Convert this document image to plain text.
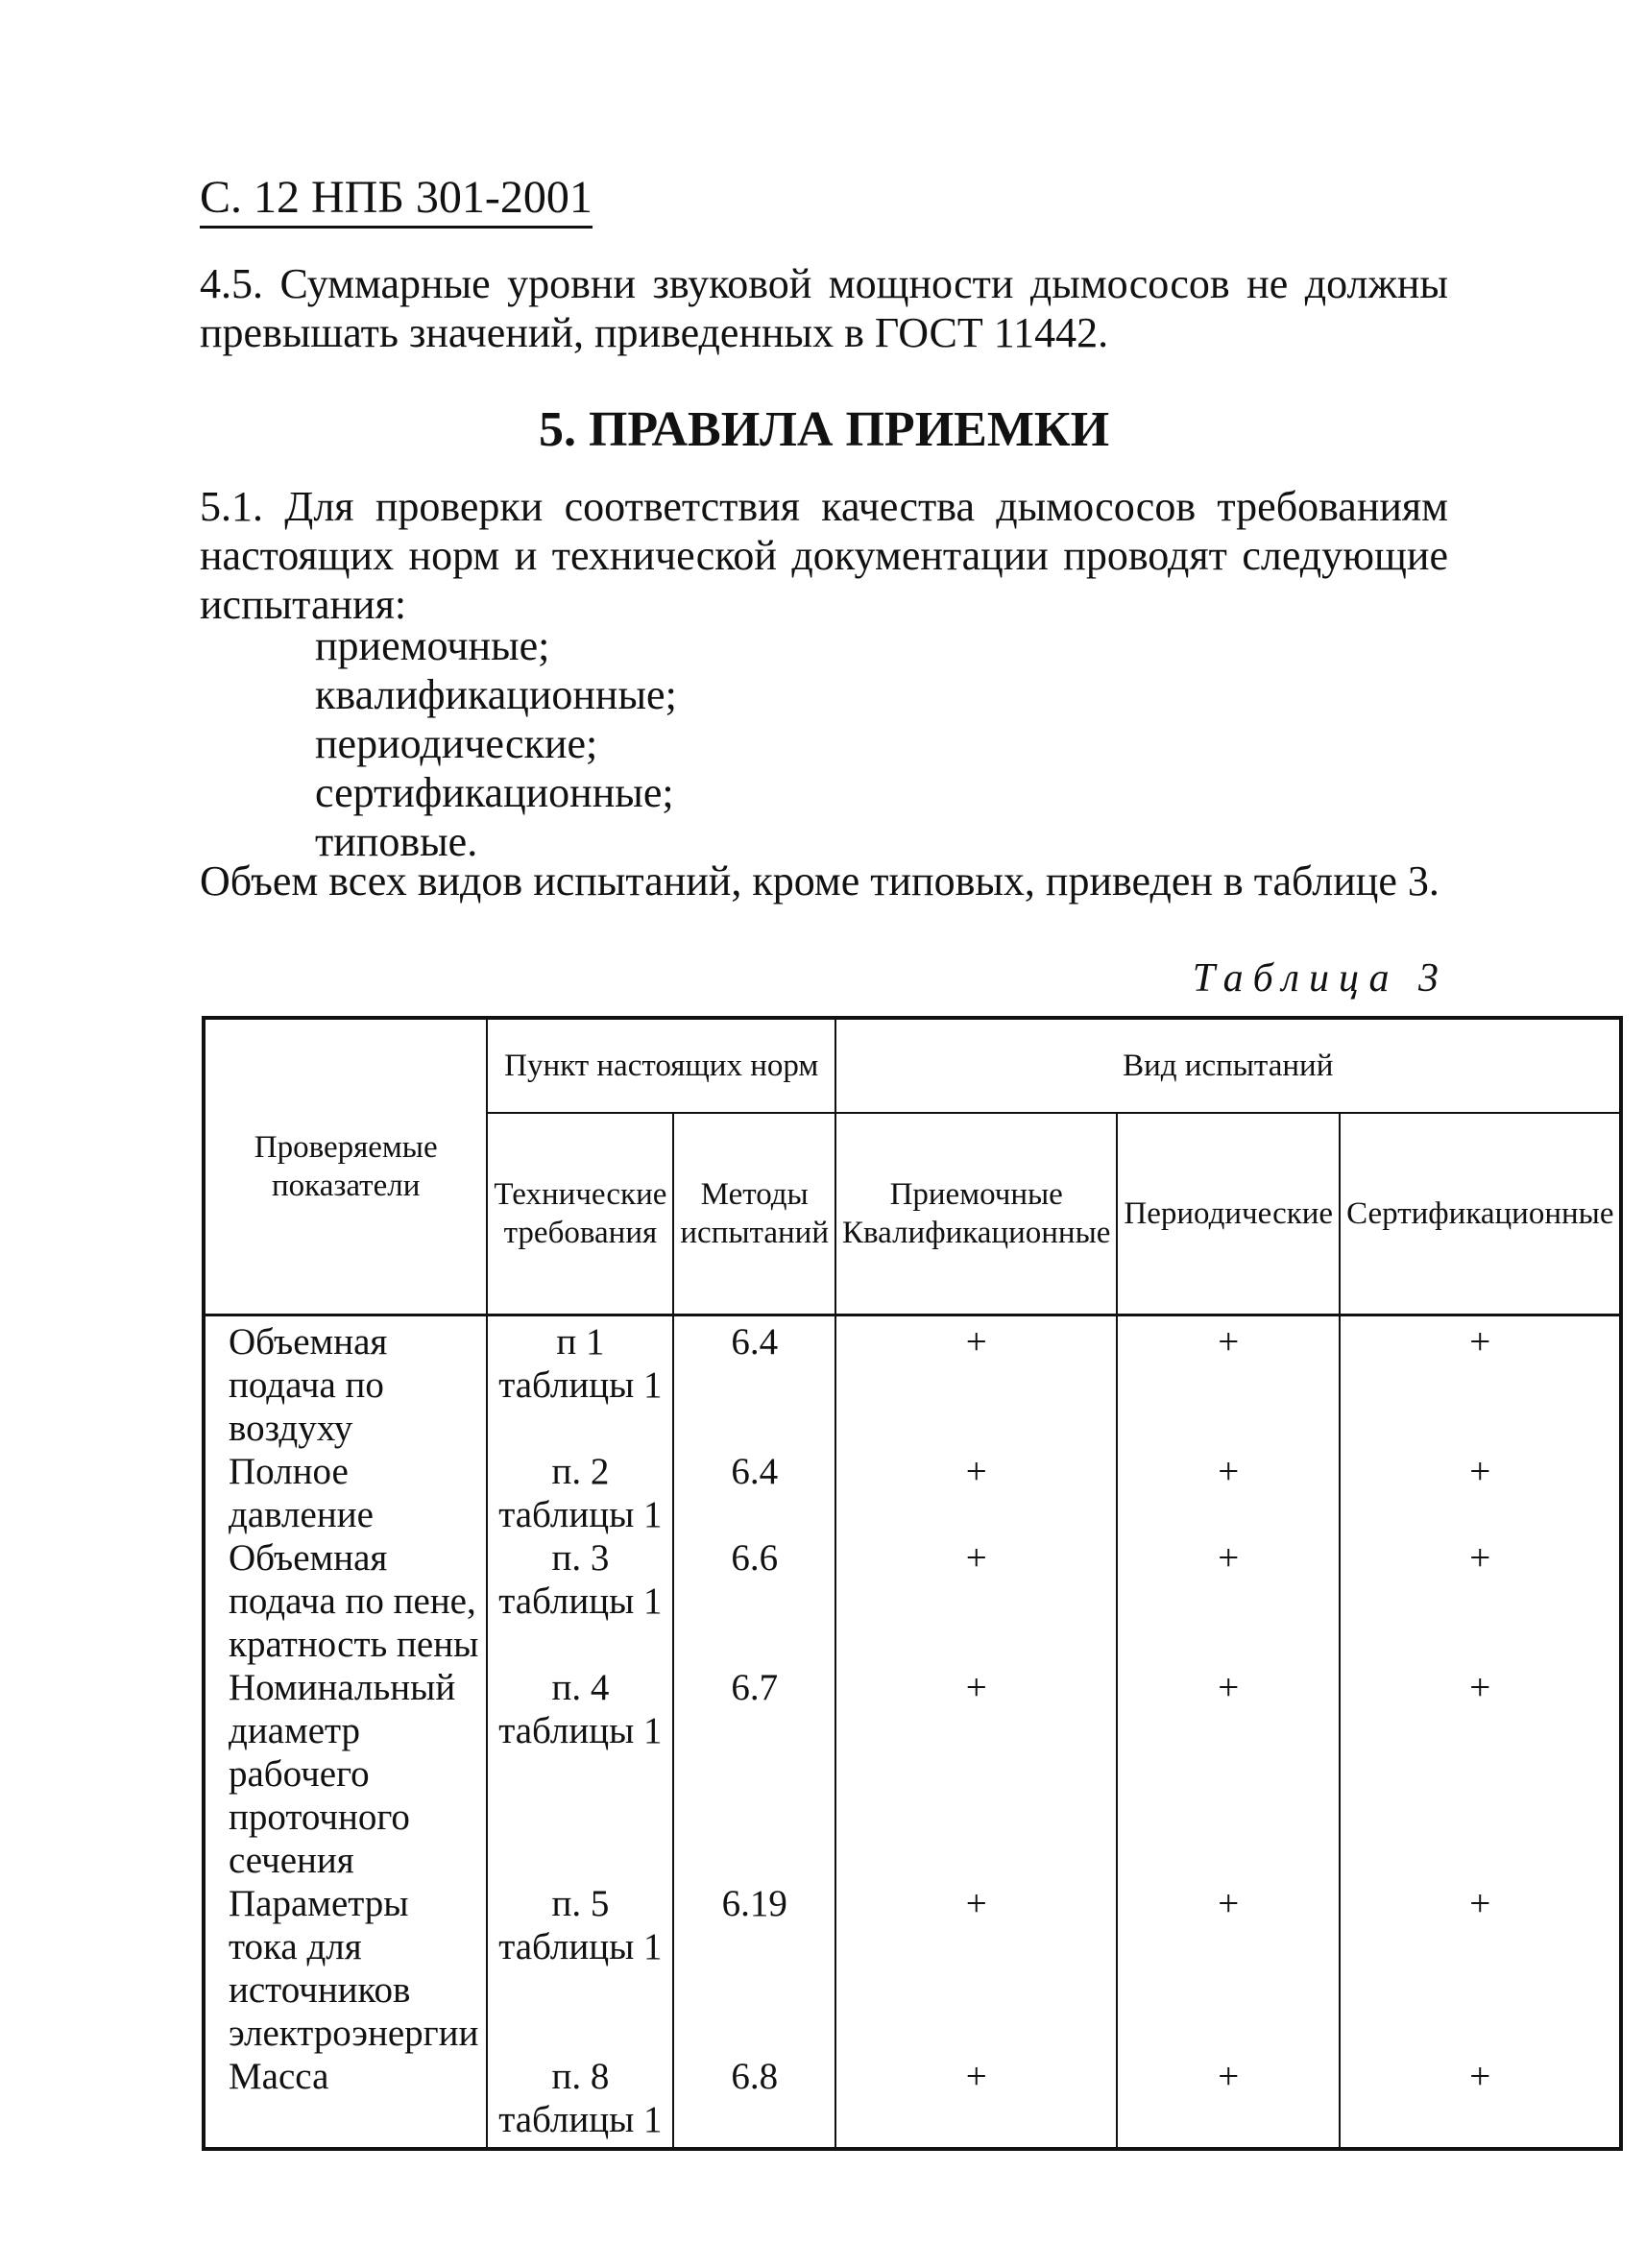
С. 12 НПБ 301-2001
4.5. Суммарные уровни звуковой мощности дымососов не должны превышать значений, приведенных в ГОСТ 11442.
5. ПРАВИЛА ПРИЕМКИ
5.1. Для проверки соответствия качества дымососов требованиям настоящих норм и технической документации проводят следующие испытания:
приемочные;
квалификационные;
периодические;
сертификационные;
типовые.
Объем всех видов испытаний, кроме типовых, приведен в таблице 3.
Таблица 3
Проверяемые показатели	Пункт настоящих норм		Вид испытаний		
	Технические требования	Методы испытаний	Приемочные Квалификационные	Периодические	Сертификационные
Объемная подача по воздуху	п 1 таблицы 1	6.4	+	+	+
Полное давление	п. 2 таблицы 1	6.4	+	+	+
Объемная подача по пене, кратность пены	п. 3 таблицы 1	6.6	+	+	+
Номинальный диаметр рабочего проточного сечения	п. 4 таблицы 1	6.7	+	+	+
Параметры тока для источников электроэнергии	п. 5 таблицы 1	6.19	+	+	+
Масса	п. 8 таблицы 1	6.8	+	+	+
